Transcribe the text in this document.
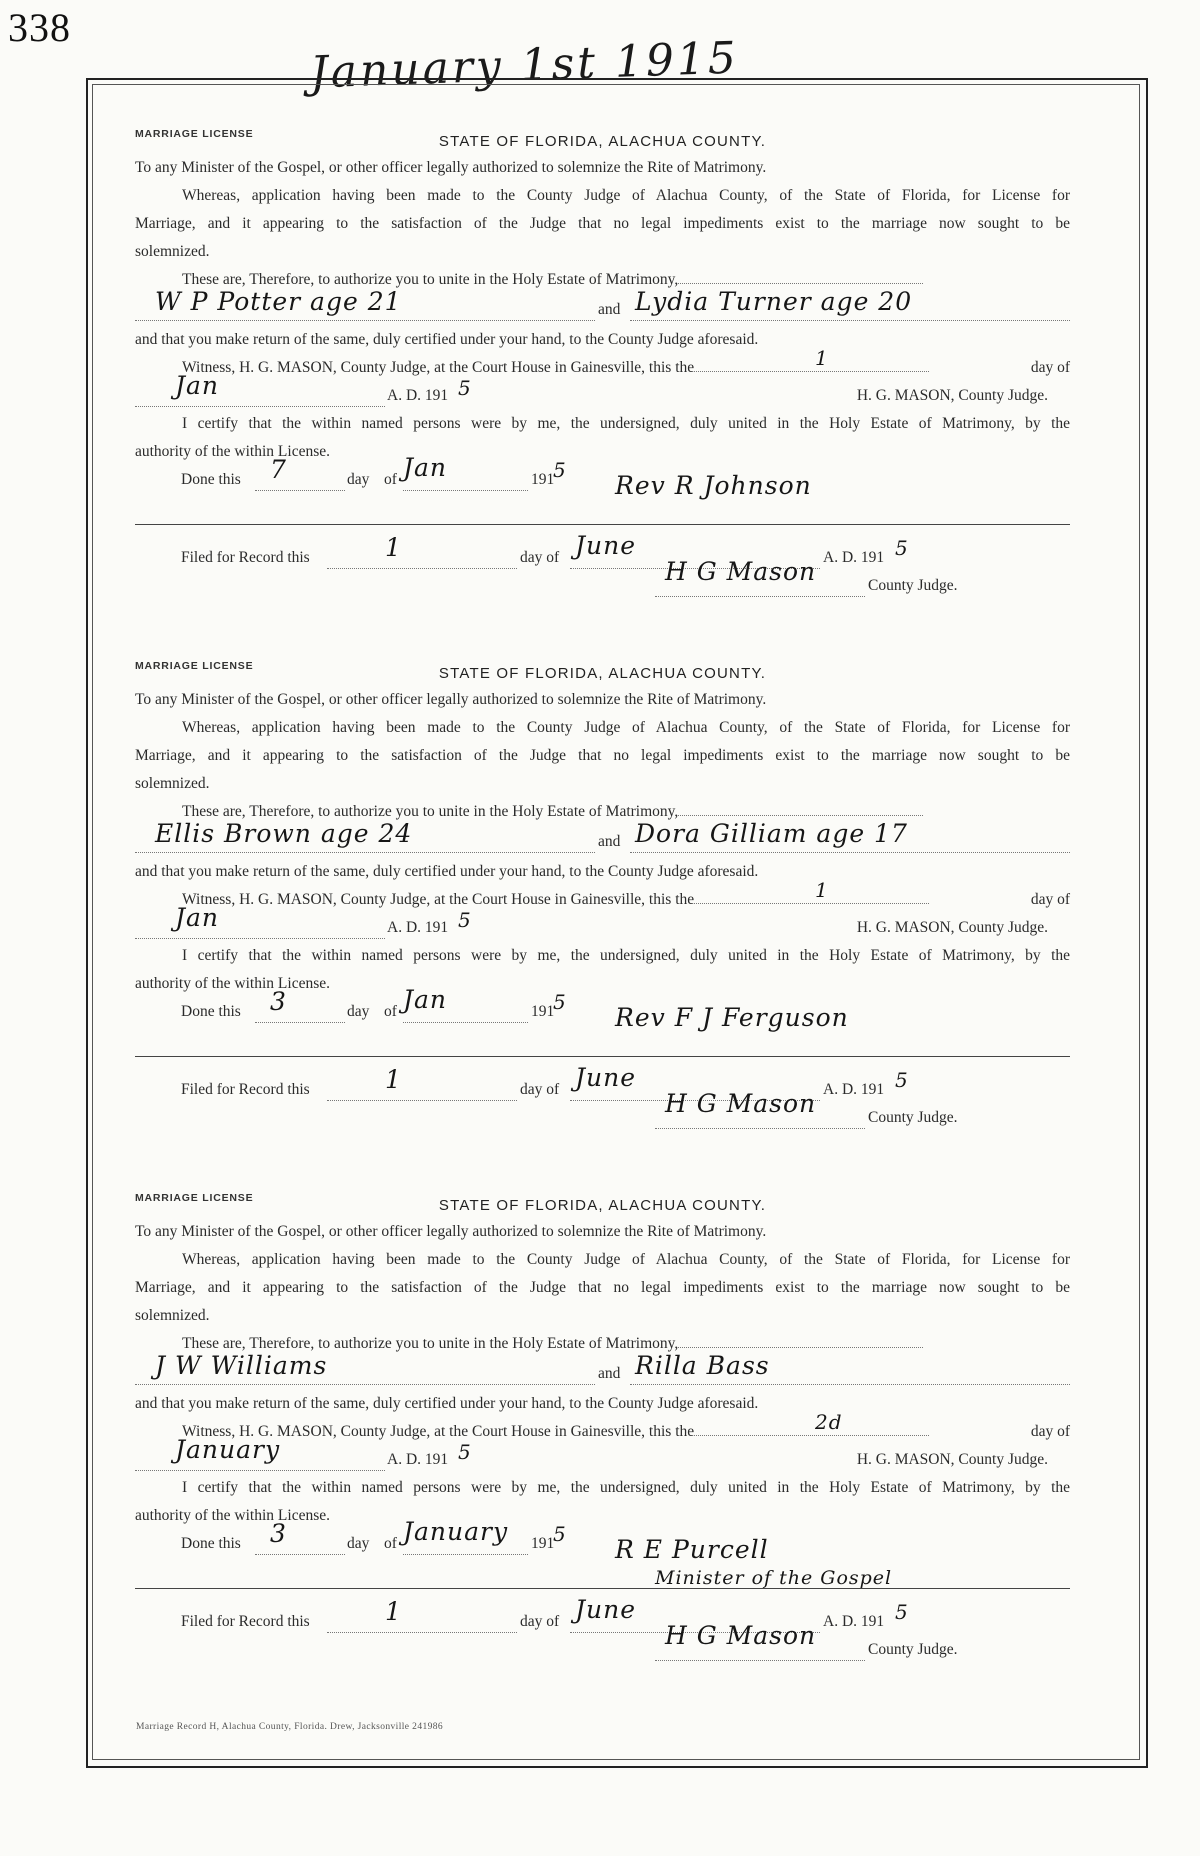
338
January 1st 1915
MARRIAGE LICENSE	STATE OF FLORIDA, ALACHUA COUNTY.
To any Minister of the Gospel, or other officer legally authorized to solemnize the Rite of Matrimony.
Whereas, application having been made to the County Judge of Alachua County, of the State of Florida, for License for
Marriage, and it appearing to the satisfaction of the Judge that no legal impediments exist to the marriage now sought to be
solemnized.
These are, Therefore, to authorize you to unite in the Holy Estate of Matrimony,
W P Potter age 21	and Lydia Turner age 20
and that you make return of the same, duly certified under your hand, to the County Judge aforesaid.
Witness, H. G. MASON, County Judge, at the Court House in Gainesville, this the	1	day of
Jan	A. D. 191 5	H. G. MASON, County Judge.
I certify that the within named persons were by me, the undersigned, duly united in the Holy Estate of Matrimony, by the
authority of the within License.
Done this 7	day of Jan	191
5
Rev R Johnson
Filed for Record this	1	day of June	A. D. 191 5
H G Mason	County Judge.
MARRIAGE LICENSE	STATE OF FLORIDA, ALACHUA COUNTY.
To any Minister of the Gospel, or other officer legally authorized to solemnize the Rite of Matrimony.
Whereas, application having been made to the County Judge of Alachua County, of the State of Florida, for License for
Marriage, and it appearing to the satisfaction of the Judge that no legal impediments exist to the marriage now sought to be
solemnized.
These are, Therefore, to authorize you to unite in the Holy Estate of Matrimony,
Ellis Brown age 24	and Dora Gilliam age 17
and that you make return of the same, duly certified under your hand, to the County Judge aforesaid.
Witness, H. G. MASON, County Judge, at the Court House in Gainesville, this the	1	day of
Jan	A. D. 191 5	H. G. MASON, County Judge.
I certify that the within named persons were by me, the undersigned, duly united in the Holy Estate of Matrimony, by the
authority of the within License.
Done this 3	day of Jan	191
5
Rev F J Ferguson
Filed for Record this	1	day of June	A. D. 191 5
H G Mason	County Judge.
MARRIAGE LICENSE	STATE OF FLORIDA, ALACHUA COUNTY.
To any Minister of the Gospel, or other officer legally authorized to solemnize the Rite of Matrimony.
Whereas, application having been made to the County Judge of Alachua County, of the State of Florida, for License for
Marriage, and it appearing to the satisfaction of the Judge that no legal impediments exist to the marriage now sought to be
solemnized.
These are, Therefore, to authorize you to unite in the Holy Estate of Matrimony,
J W Williams	and Rilla Bass
and that you make return of the same, duly certified under your hand, to the County Judge aforesaid.
Witness, H. G. MASON, County Judge, at the Court House in Gainesville, this the	2d	day of
January	A. D. 191 5	H. G. MASON, County Judge.
I certify that the within named persons were by me, the undersigned, duly united in the Holy Estate of Matrimony, by the
authority of the within License.
Done this 3	day of January 191
5
R E Purcell
Minister of the Gospel
Filed for Record this	1	day of June	A. D. 191 5
H G Mason	County Judge.
Marriage Record H, Alachua County, Florida. Drew, Jacksonville 241986
